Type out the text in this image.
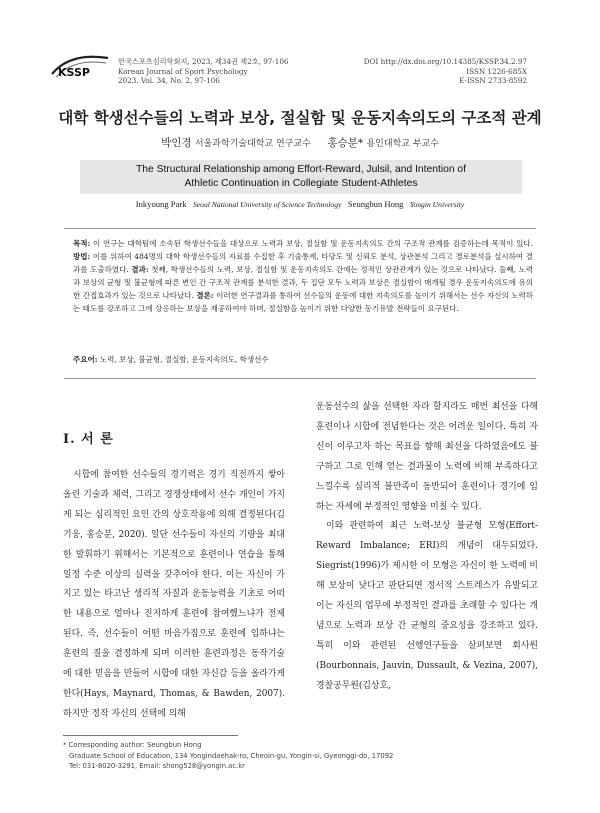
KSSP
한국스포츠심리학회지, 2023, 제34권 제2호, 97-106
Korean Journal of Sport Psychology
2023. Vol. 34, No. 2, 97-106
DOI http://dx.doi.org/10.14385/KSSP.34.2.97
ISSN 1226-685X
E-ISSN 2733-8592
대학 학생선수들의 노력과 보상, 절실함 및 운동지속의도의 구조적 관계
박인경 서울과학기술대학교 연구교수 홍승분* 용인대학교 부교수
The Structural Relationship among Effort-Reward, Julsil, and Intention of
Athletic Continuation in Collegiate Student-Athletes
Inkyoung Park Seoul National University of Science Technology Seungbun Hong Yongin University
목적: 이 연구는 대학팀에 소속된 학생선수들을 대상으로 노력과 보상, 절실함 및 운동지속의도 간의 구조적 관계를 검증하는데 목적이 있다. 방법: 이를 위하여 484명의 대학 학생선수들의 자료를 수집한 후 기술통계, 타당도 및 신뢰도 분석, 상관분석 그리고 경로분석을 실시하여 결과를 도출하였다. 결과: 첫째, 학생선수들의 노력, 보상, 절실함 및 운동지속의도 간에는 정적인 상관관계가 있는 것으로 나타났다. 둘째, 노력과 보상의 균형 및 불균형에 따른 변인 간 구조적 관계를 분석한 결과, 두 집단 모두 노력과 보상은 절실함이 매개될 경우 운동지속의도에 유의한 간접효과가 있는 것으로 나타났다. 결론: 이러한 연구결과를 통하여 선수들의 운동에 대한 지속의도를 높이기 위해서는 선수 자신의 노력하는 태도를 강조하고 그에 상응하는 보상을 제공하여야 하며, 절실함을 높이기 위한 다양한 동기유발 전략들이 요구된다.
주요어: 노력, 보상, 불균형, 절실함, 운동지속의도, 학생선수
I. 서 론
시합에 참여한 선수들의 경기력은 경기 직전까지 쌓아올린 기술과 체력, 그리고 경쟁상태에서 선수 개인이 가지게 되는 심리적인 요인 간의 상호작용에 의해 결정된다(김기웅, 홍승분, 2020). 일단 선수들이 자신의 기량을 최대한 발휘하기 위해서는 기본적으로 훈련이나 연습을 통해 일정 수준 이상의 실력을 갖추어야 한다. 이는 자신이 가지고 있는 타고난 생리적 자질과 운동능력을 기초로 어떠한 내용으로 얼마나 진지하게 훈련에 참여했느냐가 전제된다. 즉, 선수들이 어떤 마음가짐으로 훈련에 임하냐는 훈련의 질을 결정하게 되며 이러한 훈련과정은 동작기술에 대한 믿음을 만들어 시합에 대한 자신감 등을 올라가게 한다(Hays, Maynard, Thomas, & Bawden, 2007). 하지만 정작 자신의 선택에 의해

운동선수의 삶을 선택한 자라 할지라도 매번 최선을 다해 훈련이나 시합에 전념한다는 것은 어려운 일이다. 특히 자신이 이루고자 하는 목표를 향해 최선을 다하였음에도 불구하고 그로 인해 얻는 결과물이 노력에 비해 부족하다고 느낄수록 심리적 불만족이 동반되어 훈련이나 경기에 임하는 자세에 부정적인 영향을 미칠 수 있다.

이와 관련하여 최근 노력-보상 불균형 모형(Effort-Reward Imbalance; ERI)의 개념이 대두되었다. Siegrist(1996)가 제시한 이 모형은 자신이 한 노력에 비해 보상이 낮다고 판단되면 정서적 스트레스가 유발되고 이는 자신의 업무에 부정적인 결과를 초래할 수 있다는 개념으로 노력과 보상 간 균형의 중요성을 강조하고 있다. 특히 이와 관련된 선행연구들을 살펴보면 회사원(Bourbonnais, Jauvin, Dussault, & Vezina, 2007), 경찰공무원(김상호,

* Corresponding author: Seungbun Hong
Graduate School of Education, 134 Yongindaehak-ro, Cheoin-gu, Yongin-si, Gyeonggi-do, 17092
Tel: 031-8020-3291, Email: shong528@yongin.ac.kr
